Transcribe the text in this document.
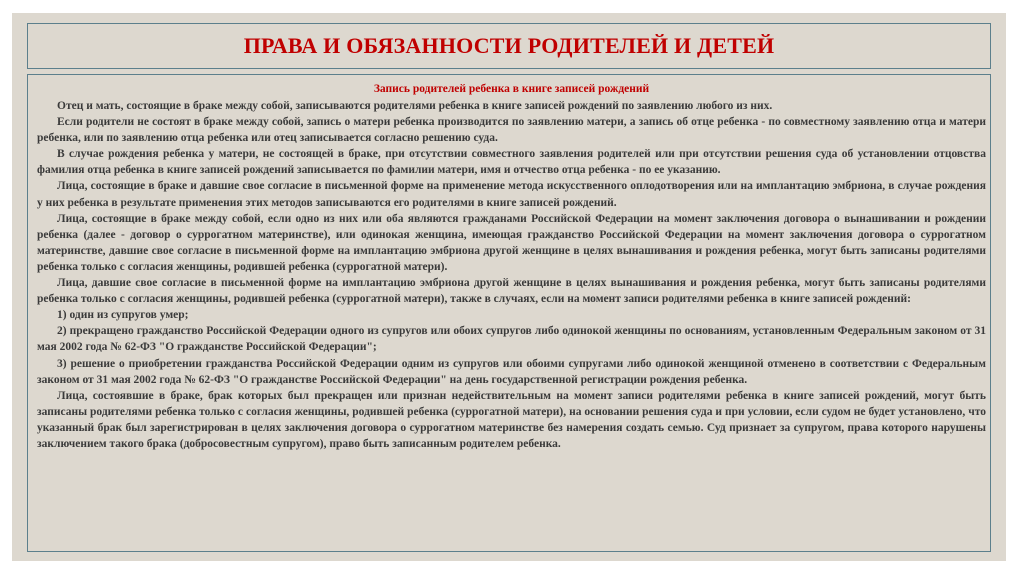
ПРАВА И ОБЯЗАННОСТИ РОДИТЕЛЕЙ И ДЕТЕЙ
Запись родителей ребенка в книге записей рождений

Отец и мать, состоящие в браке между собой, записываются родителями ребенка в книге записей рождений по заявлению любого из них.

Если родители не состоят в браке между собой, запись о матери ребенка производится по заявлению матери, а запись об отце ребенка - по совместному заявлению отца и матери ребенка, или по заявлению отца ребенка или отец записывается согласно решению суда.

В случае рождения ребенка у матери, не состоящей в браке, при отсутствии совместного заявления родителей или при отсутствии решения суда об установлении отцовства фамилия отца ребенка в книге записей рождений записывается по фамилии матери, имя и отчество отца ребенка - по ее указанию.

Лица, состоящие в браке и давшие свое согласие в письменной форме на применение метода искусственного оплодотворения или на имплантацию эмбриона, в случае рождения у них ребенка в результате применения этих методов записываются его родителями в книге записей рождений.

Лица, состоящие в браке между собой, если одно из них или оба являются гражданами Российской Федерации на момент заключения договора о вынашивании и рождении ребенка (далее - договор о суррогатном материнстве), или одинокая женщина, имеющая гражданство Российской Федерации на момент заключения договора о суррогатном материнстве, давшие свое согласие в письменной форме на имплантацию эмбриона другой женщине в целях вынашивания и рождения ребенка, могут быть записаны родителями ребенка только с согласия женщины, родившей ребенка (суррогатной матери).

Лица, давшие свое согласие в письменной форме на имплантацию эмбриона другой женщине в целях вынашивания и рождения ребенка, могут быть записаны родителями ребенка только с согласия женщины, родившей ребенка (суррогатной матери), также в случаях, если на момент записи родителями ребенка в книге записей рождений:

1) один из супругов умер;

2) прекращено гражданство Российской Федерации одного из супругов или обоих супругов либо одинокой женщины по основаниям, установленным Федеральным законом от 31 мая 2002 года № 62-ФЗ "О гражданстве Российской Федерации";

3) решение о приобретении гражданства Российской Федерации одним из супругов или обоими супругами либо одинокой женщиной отменено в соответствии с Федеральным законом от 31 мая 2002 года № 62-ФЗ "О гражданстве Российской Федерации" на день государственной регистрации рождения ребенка.

Лица, состоявшие в браке, брак которых был прекращен или признан недействительным на момент записи родителями ребенка в книге записей рождений, могут быть записаны родителями ребенка только с согласия женщины, родившей ребенка (суррогатной матери), на основании решения суда и при условии, если судом не будет установлено, что указанный брак был зарегистрирован в целях заключения договора о суррогатном материнстве без намерения создать семью. Суд признает за супругом, права которого нарушены заключением такого брака (добросовестным супругом), право быть записанным родителем ребенка.
